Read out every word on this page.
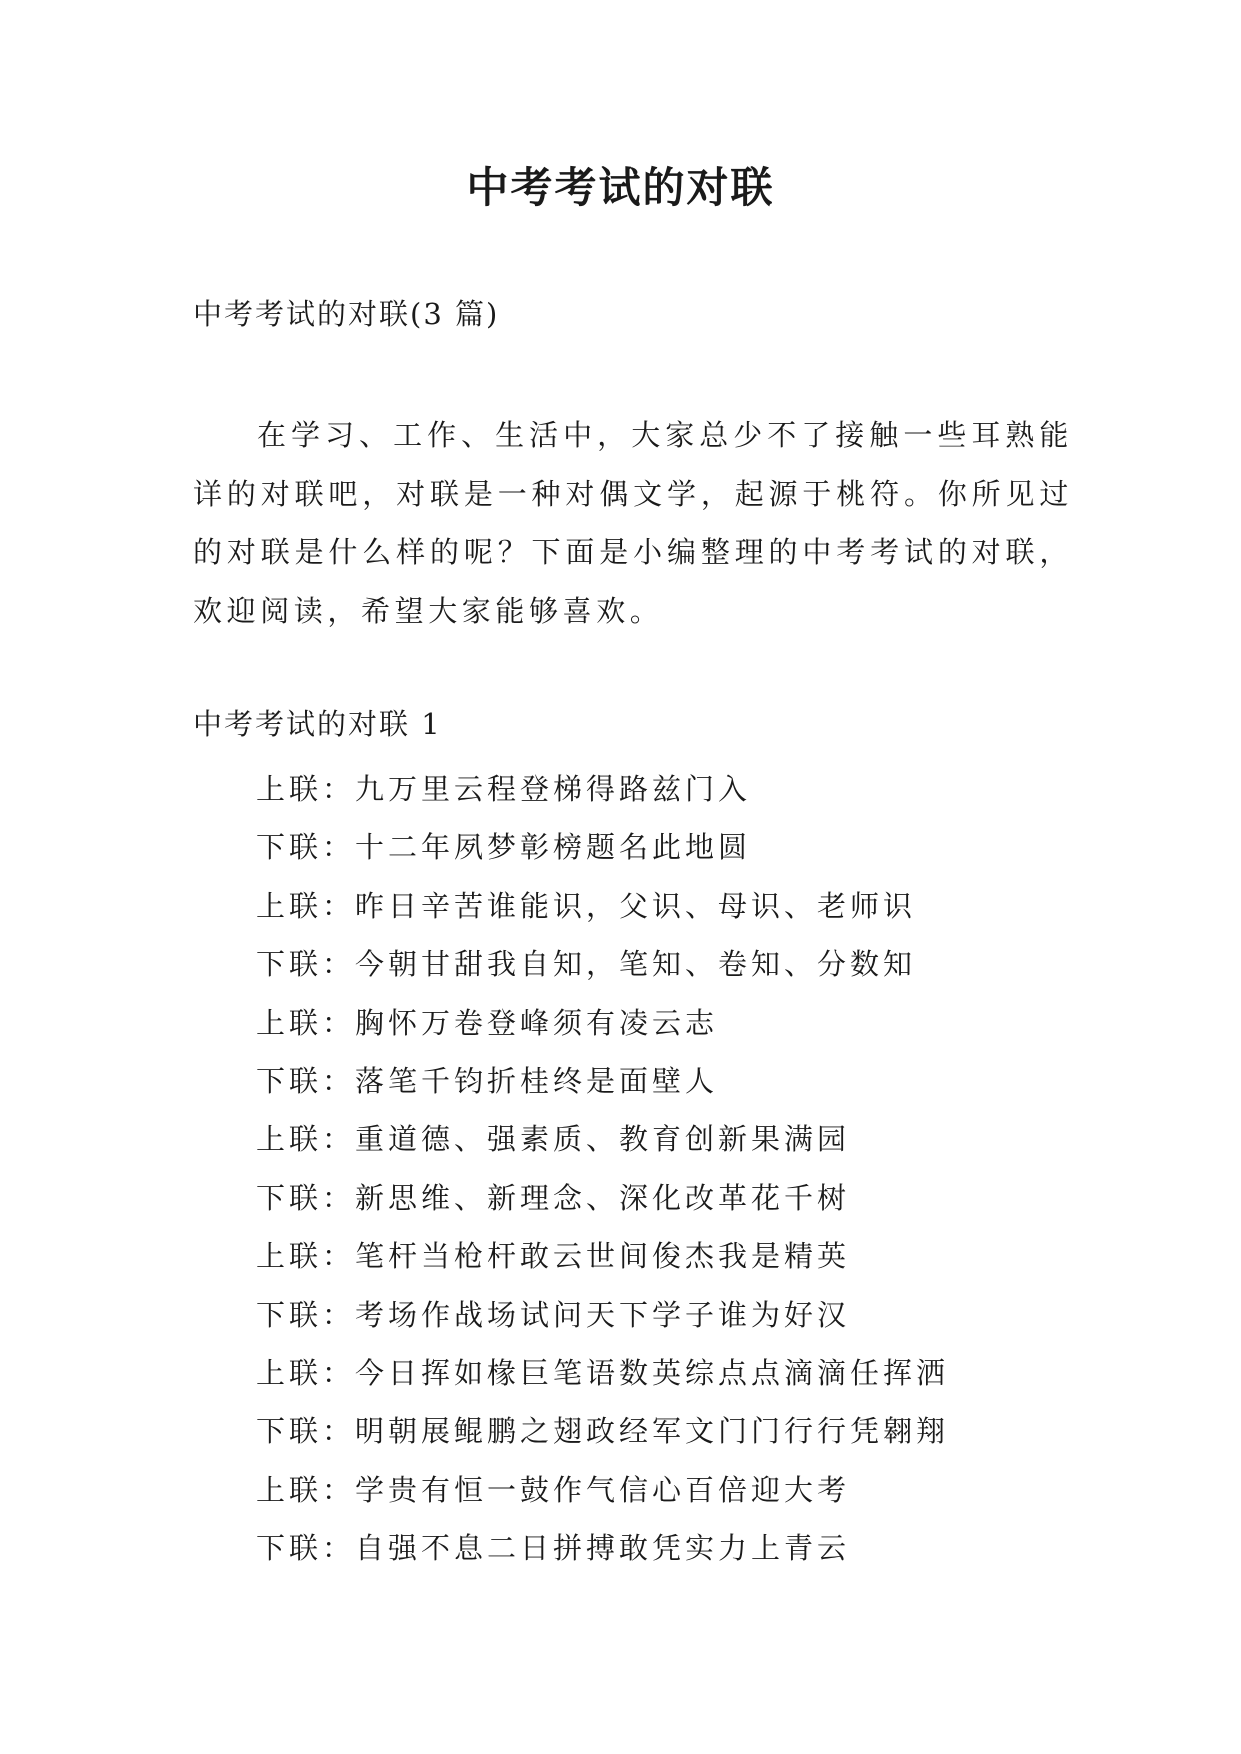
中考考试的对联

中考考试的对联(3 篇)

在学习、工作、生活中，大家总少不了接触一些耳熟能详的对联吧，对联是一种对偶文学，起源于桃符。你所见过的对联是什么样的呢？下面是小编整理的中考考试的对联，欢迎阅读，希望大家能够喜欢。

中考考试的对联 1

上联：九万里云程登梯得路兹门入
下联：十二年夙梦彰榜题名此地圆
上联：昨日辛苦谁能识，父识、母识、老师识
下联：今朝甘甜我自知，笔知、卷知、分数知
上联：胸怀万卷登峰须有凌云志
下联：落笔千钧折桂终是面壁人
上联：重道德、强素质、教育创新果满园
下联：新思维、新理念、深化改革花千树
上联：笔杆当枪杆敢云世间俊杰我是精英
下联：考场作战场试问天下学子谁为好汉
上联：今日挥如椽巨笔语数英综点点滴滴任挥洒
下联：明朝展鲲鹏之翅政经军文门门行行凭翱翔
上联：学贵有恒一鼓作气信心百倍迎大考
下联：自强不息二日拼搏敢凭实力上青云
